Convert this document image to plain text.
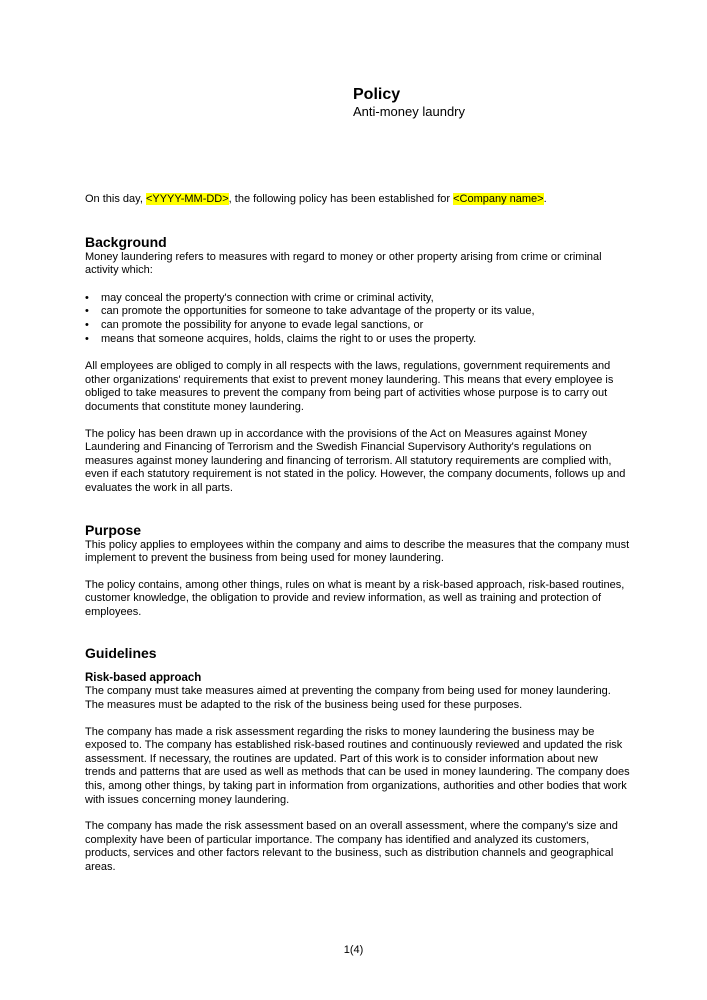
Policy
Anti-money laundry

On this day, <YYYY-MM-DD>, the following policy has been established for <Company name>.

Background

Money laundering refers to measures with regard to money or other property arising from crime or criminal activity which:

• may conceal the property's connection with crime or criminal activity,
• can promote the opportunities for someone to take advantage of the property or its value,
• can promote the possibility for anyone to evade legal sanctions, or
• means that someone acquires, holds, claims the right to or uses the property.

All employees are obliged to comply in all respects with the laws, regulations, government requirements and other organizations' requirements that exist to prevent money laundering. This means that every employee is obliged to take measures to prevent the company from being part of activities whose purpose is to carry out documents that constitute money laundering.

The policy has been drawn up in accordance with the provisions of the Act on Measures against Money Laundering and Financing of Terrorism and the Swedish Financial Supervisory Authority's regulations on measures against money laundering and financing of terrorism. All statutory requirements are complied with, even if each statutory requirement is not stated in the policy. However, the company documents, follows up and evaluates the work in all parts.

Purpose

This policy applies to employees within the company and aims to describe the measures that the company must implement to prevent the business from being used for money laundering.

The policy contains, among other things, rules on what is meant by a risk-based approach, risk-based routines, customer knowledge, the obligation to provide and review information, as well as training and protection of employees.

Guidelines
Risk-based approach

The company must take measures aimed at preventing the company from being used for money laundering. The measures must be adapted to the risk of the business being used for these purposes.

The company has made a risk assessment regarding the risks to money laundering the business may be exposed to. The company has established risk-based routines and continuously reviewed and updated the risk assessment. If necessary, the routines are updated. Part of this work is to consider information about new trends and patterns that are used as well as methods that can be used in money laundering. The company does this, among other things, by taking part in information from organizations, authorities and other bodies that work with issues concerning money laundering.

The company has made the risk assessment based on an overall assessment, where the company's size and complexity have been of particular importance. The company has identified and analyzed its customers, products, services and other factors relevant to the business, such as distribution channels and geographical areas.

1(4)
